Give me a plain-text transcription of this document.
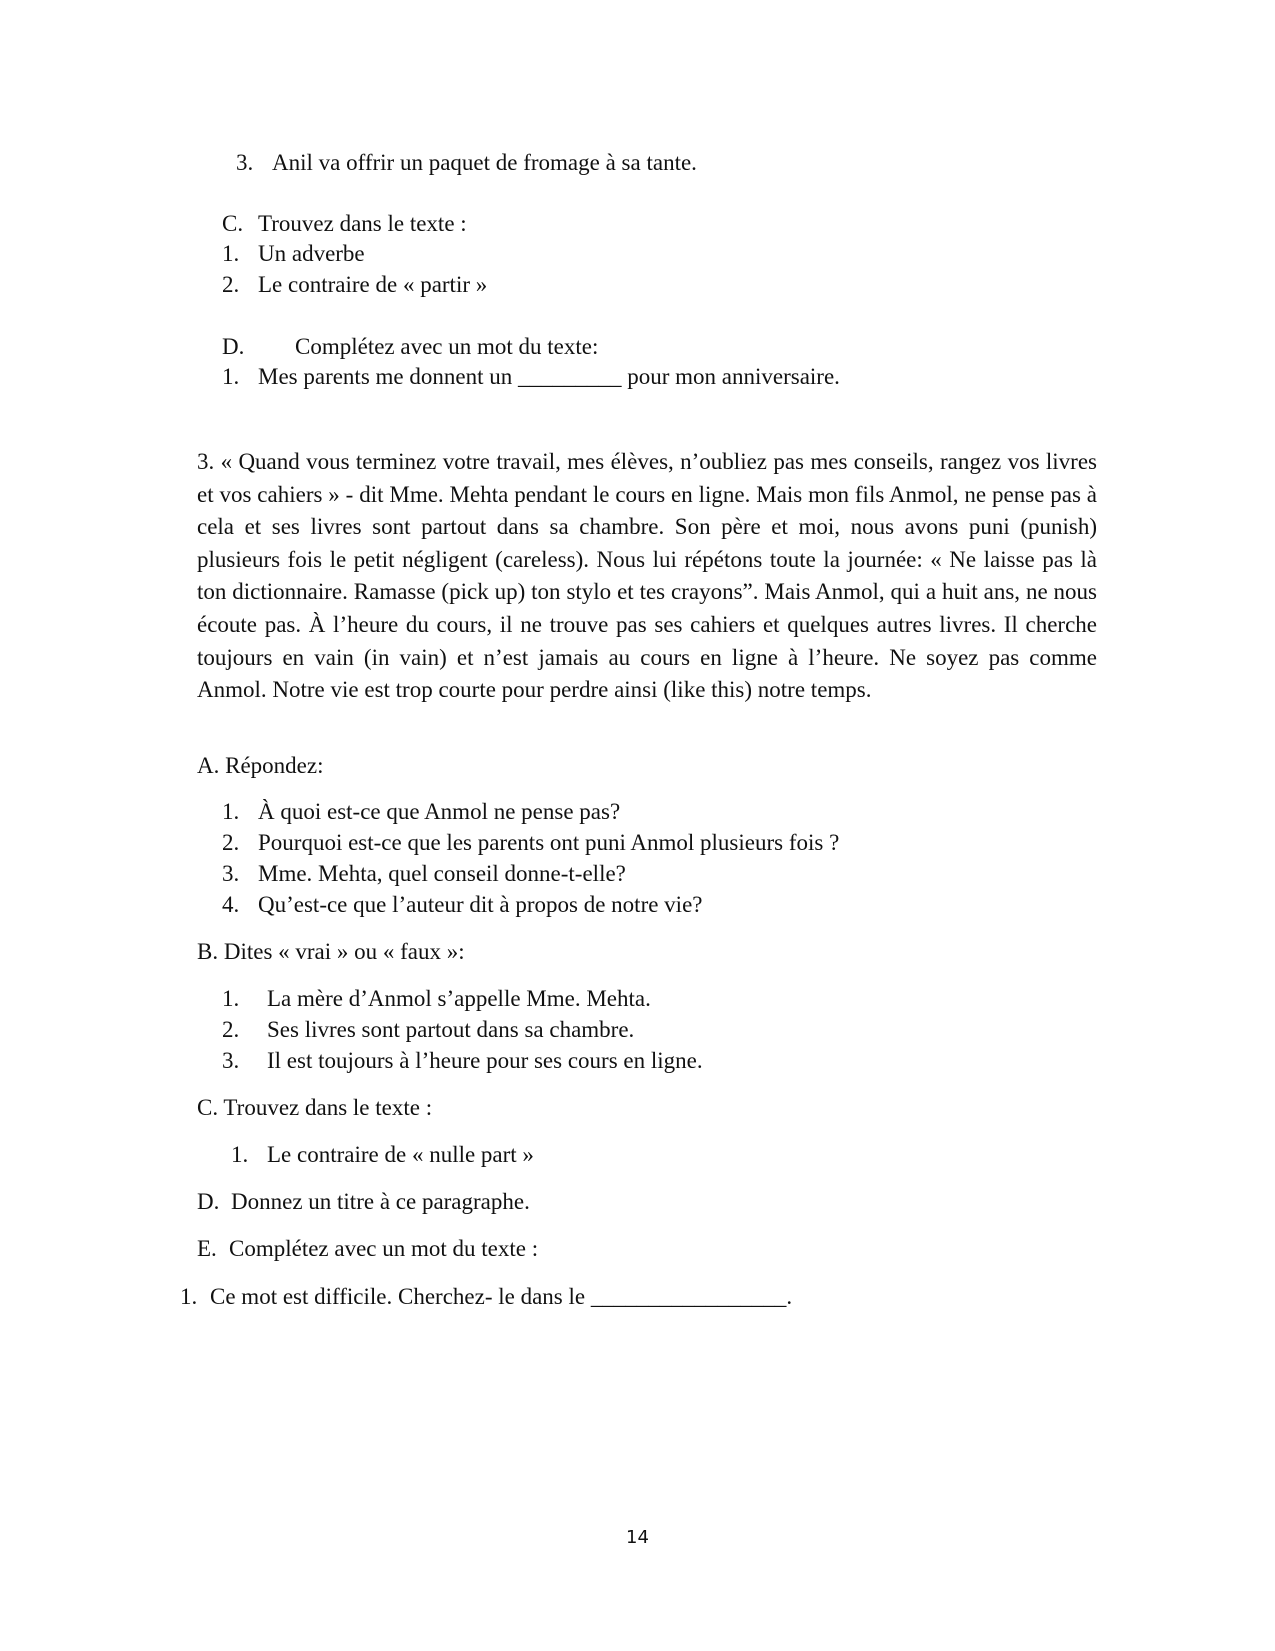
3. Anil va offrir un paquet de fromage à sa tante.
C. Trouvez dans le texte :
1. Un adverbe
2. Le contraire de « partir »
D. Complétez avec un mot du texte:
1. Mes parents me donnent un _________ pour mon anniversaire.
3. « Quand vous terminez votre travail, mes élèves, n’oubliez pas mes conseils, rangez vos livres et vos cahiers » - dit Mme. Mehta pendant le cours en ligne. Mais mon fils Anmol, ne pense pas à cela et ses livres sont partout dans sa chambre. Son père et moi, nous avons puni (punish) plusieurs fois le petit négligent (careless). Nous lui répétons toute la journée: « Ne laisse pas là ton dictionnaire. Ramasse (pick up) ton stylo et tes crayons”. Mais Anmol, qui a huit ans, ne nous écoute pas. À l’heure du cours, il ne trouve pas ses cahiers et quelques autres livres. Il cherche toujours en vain (in vain) et n’est jamais au cours en ligne à l’heure. Ne soyez pas comme Anmol. Notre vie est trop courte pour perdre ainsi (like this) notre temps.
A. Répondez:
1. À quoi est-ce que Anmol ne pense pas?
2. Pourquoi est-ce que les parents ont puni Anmol plusieurs fois ?
3. Mme. Mehta, quel conseil donne-t-elle?
4. Qu’est-ce que l’auteur dit à propos de notre vie?
B. Dites « vrai » ou « faux »:
1. La mère d’Anmol s’appelle Mme. Mehta.
2. Ses livres sont partout dans sa chambre.
3. Il est toujours à l’heure pour ses cours en ligne.
C. Trouvez dans le texte :
1. Le contraire de « nulle part »
D. Donnez un titre à ce paragraphe.
E. Complétez avec un mot du texte :
1. Ce mot est difficile. Cherchez- le dans le _________________.
14
